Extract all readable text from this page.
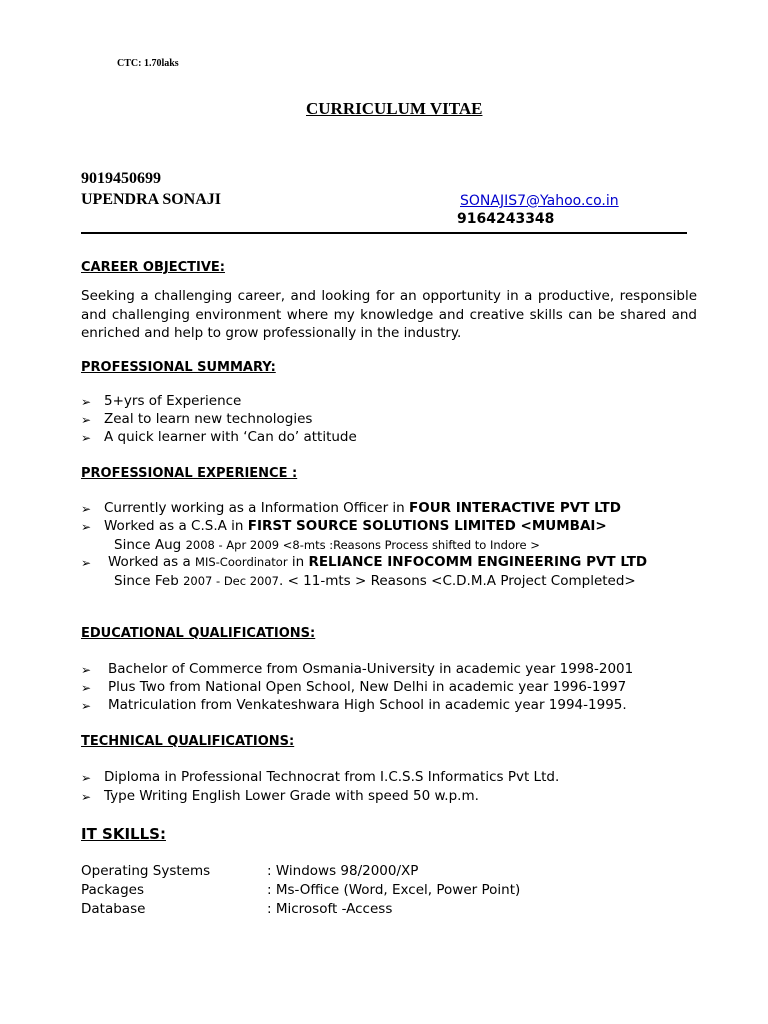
CTC: 1.70laks
CURRICULUM VITAE
9019450699
UPENDRA SONAJI	SONAJIS7@Yahoo.co.in
9164243348
CAREER OBJECTIVE:
Seeking a challenging career, and looking for an opportunity in a productive, responsible and challenging environment where my knowledge and creative skills can be shared and enriched and help to grow professionally in the industry.
PROFESSIONAL SUMMARY:
➢ 5+yrs of Experience
➢ Zeal to learn new technologies
➢ A quick learner with ‘Can do’ attitude
PROFESSIONAL EXPERIENCE :
➢ Currently working as a Information Officer in FOUR INTERACTIVE PVT LTD
➢ Worked as a C.S.A in FIRST SOURCE SOLUTIONS LIMITED <MUMBAI>
Since Aug 2008 - Apr 2009 <8-mts :Reasons Process shifted to Indore >
➢ Worked as a MIS-Coordinator in RELIANCE INFOCOMM ENGINEERING PVT LTD
Since Feb 2007 - Dec 2007. < 11-mts > Reasons <C.D.M.A Project Completed>
EDUCATIONAL QUALIFICATIONS:
➢ Bachelor of Commerce from Osmania-University in academic year 1998-2001
➢ Plus Two from National Open School, New Delhi in academic year 1996-1997
➢ Matriculation from Venkateshwara High School in academic year 1994-1995.
TECHNICAL QUALIFICATIONS:
➢ Diploma in Professional Technocrat from I.C.S.S Informatics Pvt Ltd.
➢ Type Writing English Lower Grade with speed 50 w.p.m.
IT SKILLS:
Operating Systems	: Windows 98/2000/XP
Packages	: Ms-Office (Word, Excel, Power Point)
Database	: Microsoft -Access
